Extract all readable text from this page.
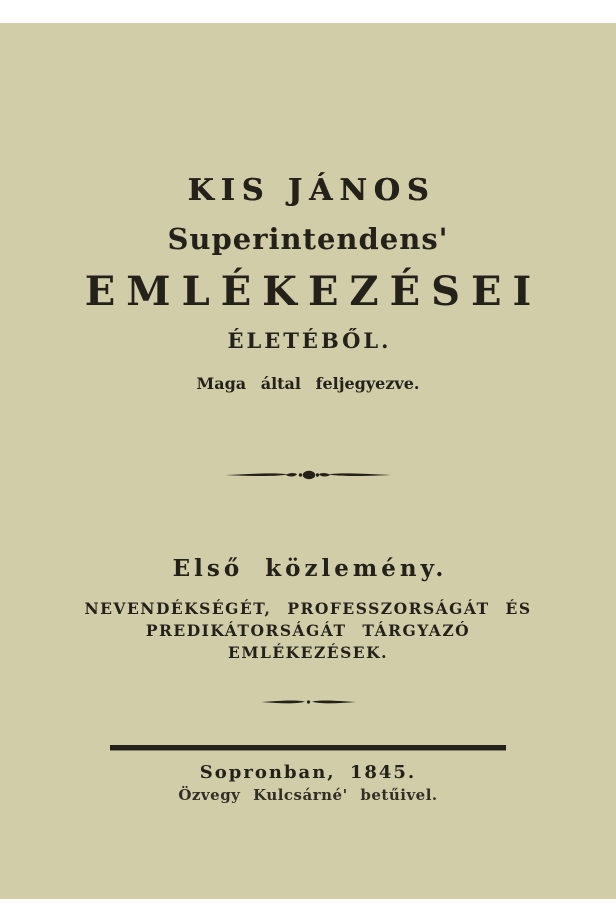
KIS JÁNOS
Superintendens'
EMLÉKEZÉSEI
ÉLETÉBŐL.
Maga által feljegyezve.
Első közlemény.
NEVENDÉKSÉGÉT, PROFESSZORSÁGÁT ÉS
PREDIKÁTORSÁGÁT TÁRGYAZÓ
EMLÉKEZÉSEK.
Sopronban, 1845.
Özvegy Kulcsárné' betűivel.
